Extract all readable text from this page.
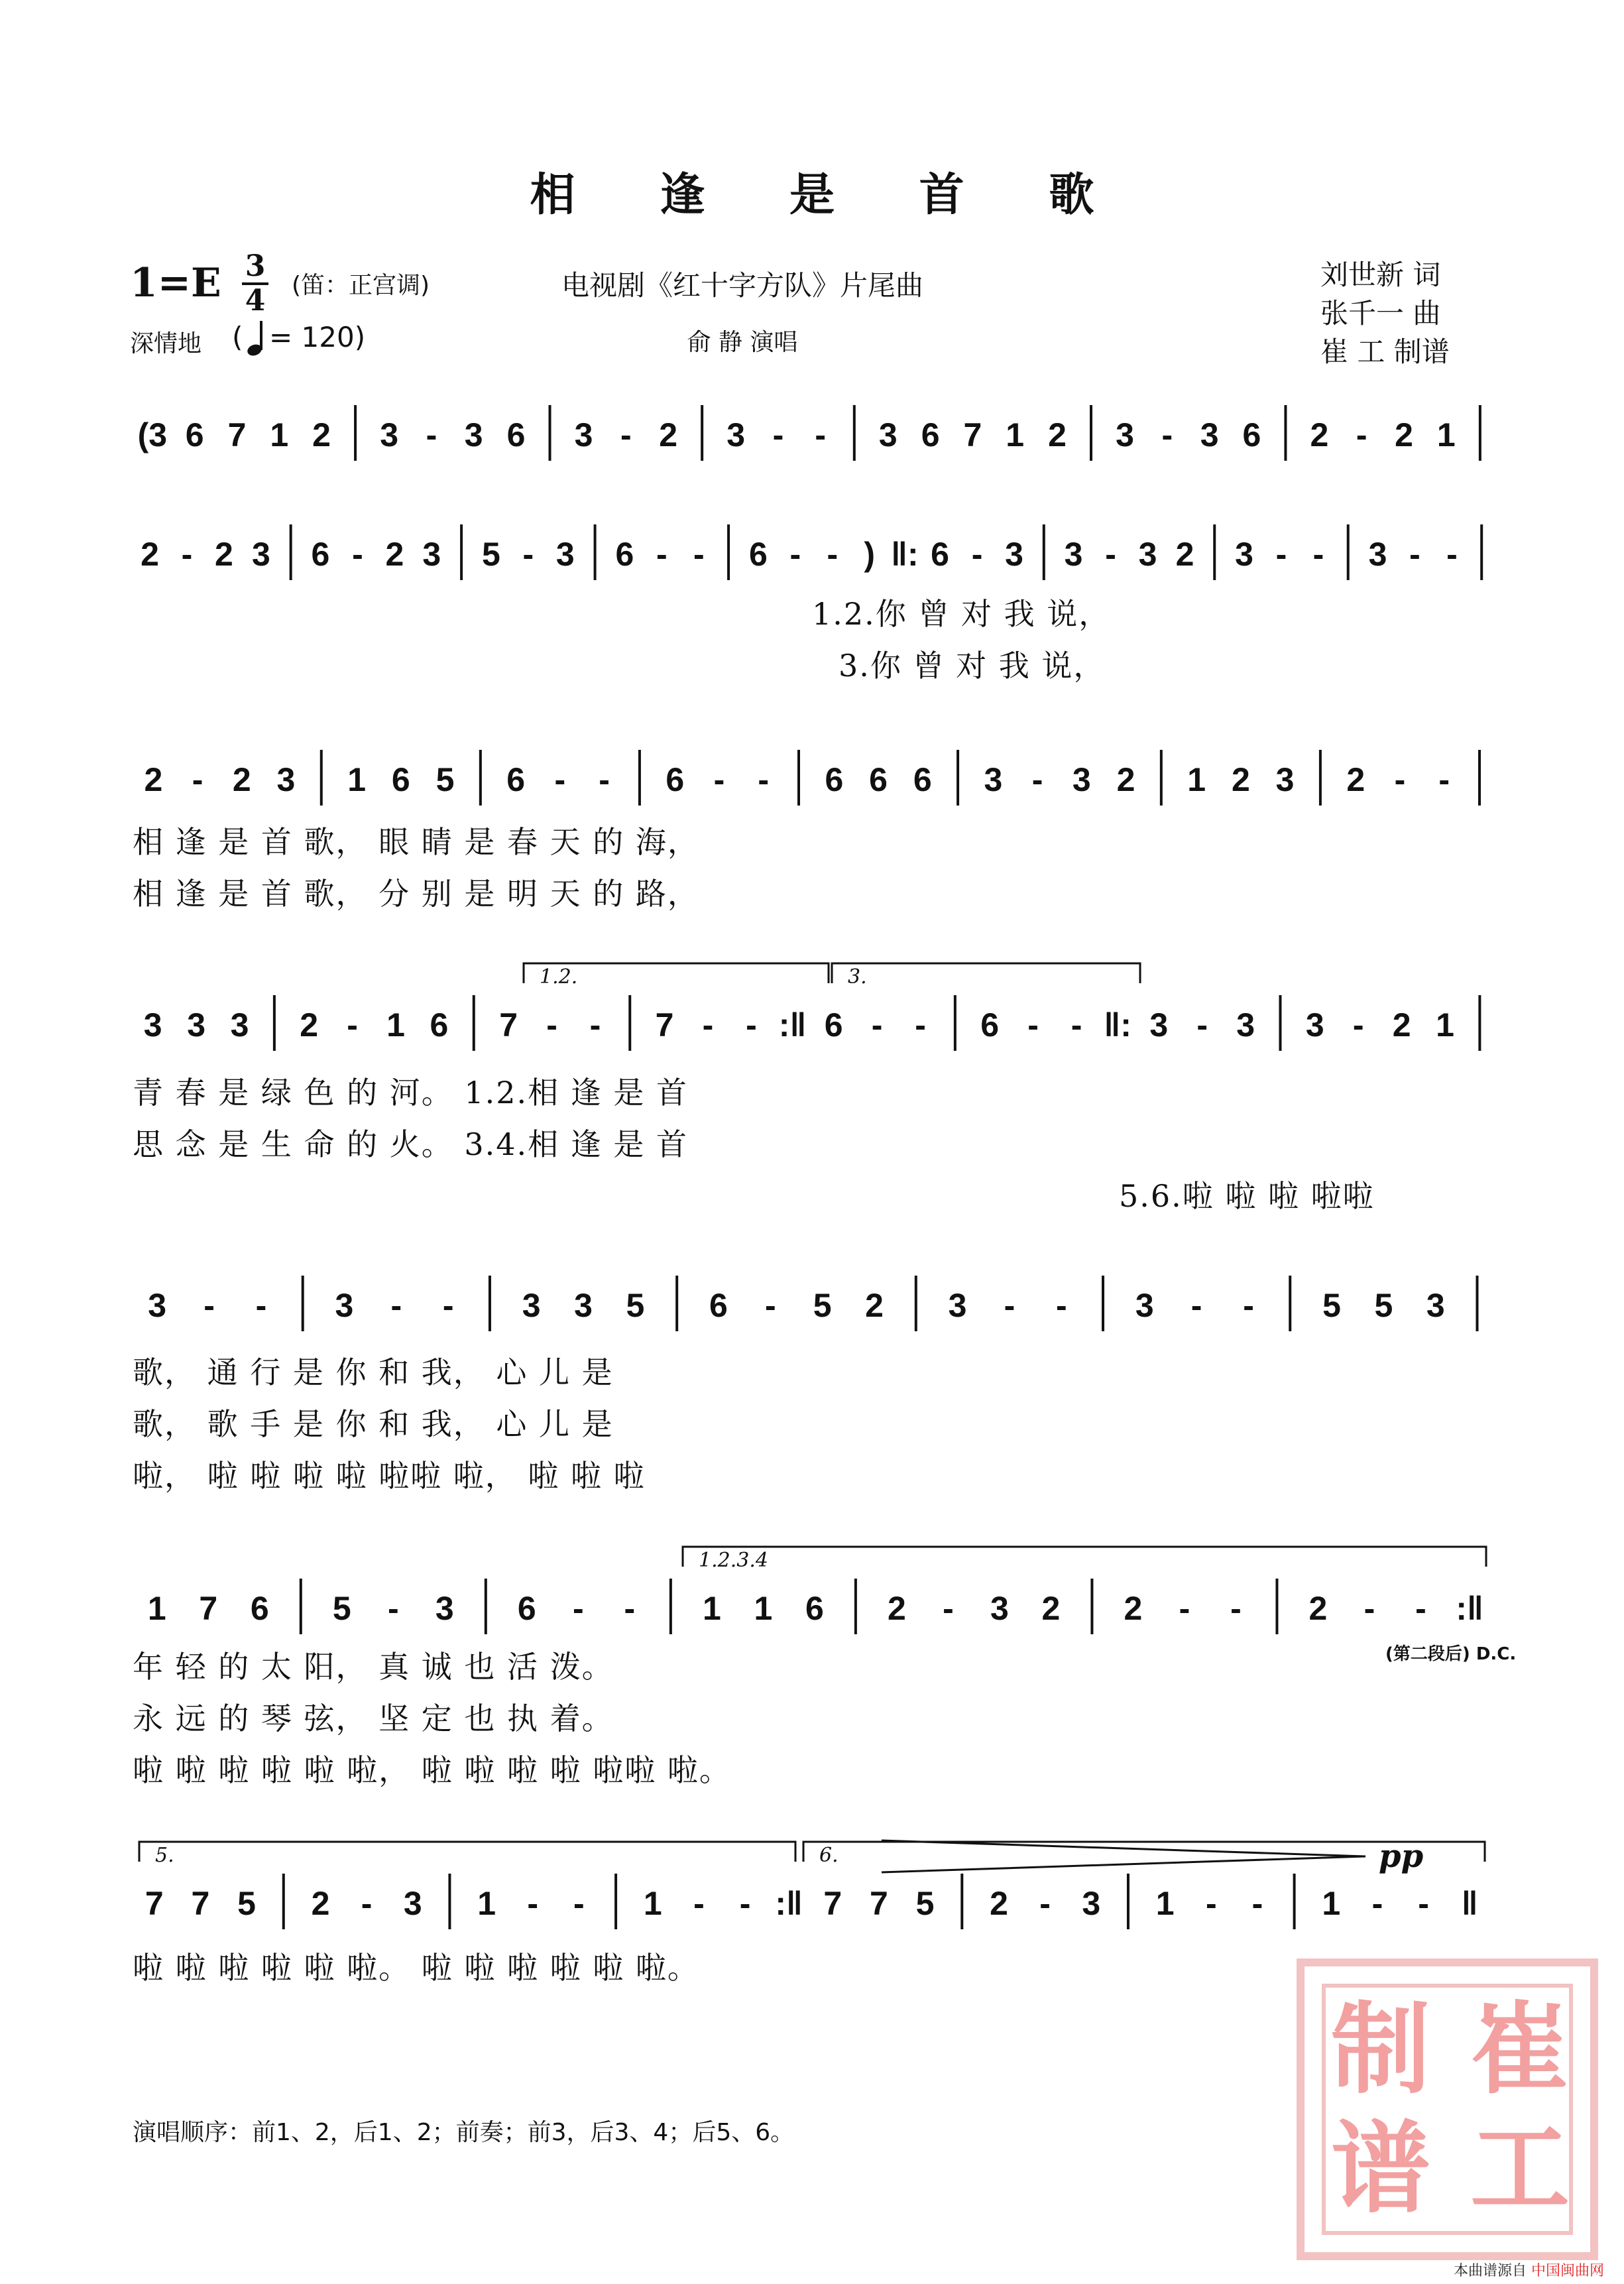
相 逢 是 首 歌
1=E 3
4 (笛：正宫调)
深情地 ( = 120)
电视剧《红十字方队》片尾曲
俞 静 演唱
刘世新 词
张千一 曲
崔 工 制谱
(3 6 7 1 2 3 - 3 6 3 - 2 3 - - 3 6 7 1 2 3 - 3 6 2 - 2 1
2 - 2 3 6 - 2 3 5 - 3 6 - - 6 - - ) ‖: 6 - 3 3 - 3 2 3 - - 3 - -
2 - 2 3 1 6 5 6 - - 6 - - 6 6 6 3 - 3 2 1 2 3 2 - -
3 3 3 2 - 1 6 7 - - 7 - - :‖ 6 - - 6 - - ‖: 3 - 3 3 - 2 1
1.2.	3.
3 - - 3 - - 3 3 5 6 - 5 2 3 - - 3 - - 5 5 3
1 7 6 5 - 3 6 - - 1 1 6 2 - 3 2 2 - - 2 - - :‖
1.2.3.4
7 7 5 2 - 3 1 - - 1 - - :‖ 7 7 5 2 - 3 1 - - 1 - - ‖
5.	6.
1.2.你 曾 对 我 说，
3.你 曾 对 我 说，
相 逢 是 首 歌， 眼 睛 是 春 天 的 海，
相 逢 是 首 歌， 分 别 是 明 天 的 路，
青 春 是 绿 色 的 河。 1.2.相 逢 是 首
思 念 是 生 命 的 火。 3.4.相 逢 是 首
5.6.啦 啦 啦 啦啦
歌， 通 行 是 你 和 我， 心 儿 是
歌， 歌 手 是 你 和 我， 心 儿 是
啦， 啦 啦 啦 啦 啦啦 啦， 啦 啦 啦
年 轻 的 太 阳， 真 诚 也 活 泼。
永 远 的 琴 弦， 坚 定 也 执 着。
啦 啦 啦 啦 啦 啦， 啦 啦 啦 啦 啦啦 啦。
(第二段后) D.C.
啦 啦 啦 啦 啦 啦。 啦 啦 啦 啦 啦 啦。
pp
演唱顺序：前1、2，后1、2；前奏；前3，后3、4；后5、6。
崔
制
工
谱
本曲谱源自 中国闽曲网
